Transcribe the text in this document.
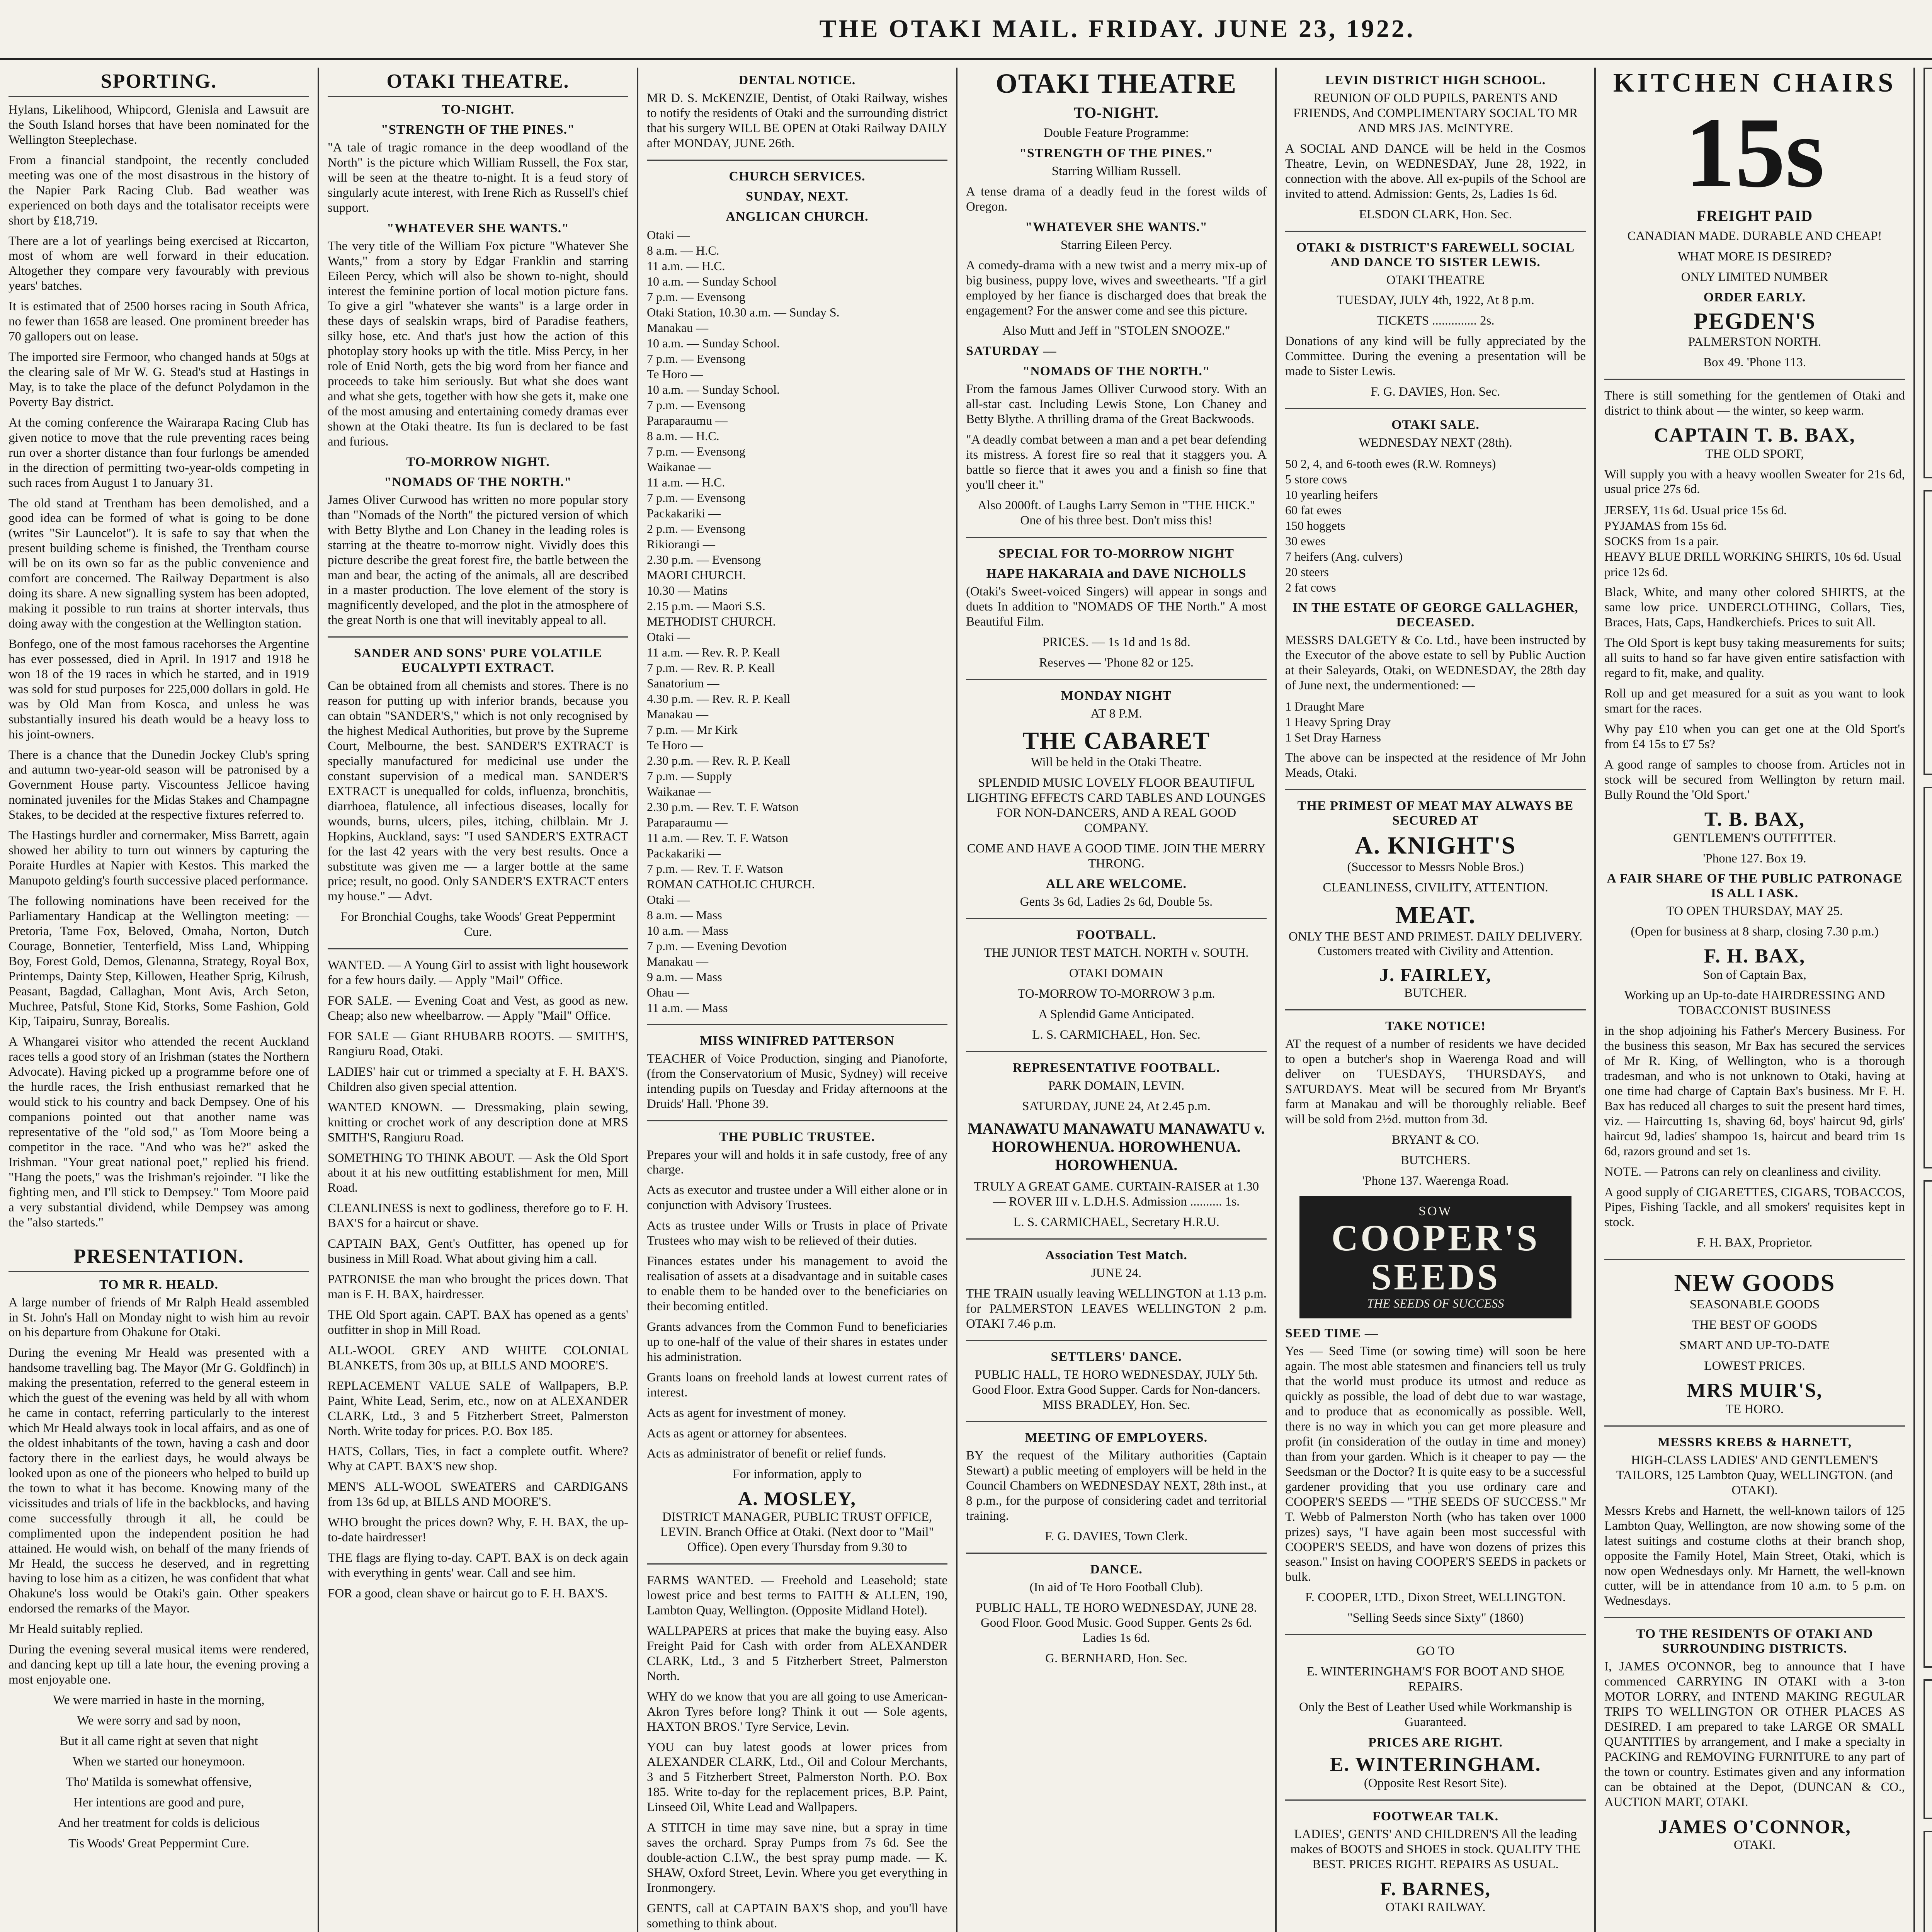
THE OTAKI MAIL. FRIDAY. JUNE 23, 1922.
SPORTING.

Hylans, Likelihood, Whipcord, Glenisla and Lawsuit are the South Island horses that have been nominated for the Wellington Steeplechase.

From a financial standpoint, the recently concluded meeting was one of the most disastrous in the history of the Napier Park Racing Club. Bad weather was experienced on both days and the totalisator receipts were short by £18,719.

There are a lot of yearlings being exercised at Riccarton, most of whom are well forward in their education. Altogether they compare very favourably with previous years' batches.

It is estimated that of 2500 horses racing in South Africa, no fewer than 1658 are leased. One prominent breeder has 70 gallopers out on lease.

The imported sire Fermoor, who changed hands at 50gs at the clearing sale of Mr W. G. Stead's stud at Hastings in May, is to take the place of the defunct Polydamon in the Poverty Bay district.

At the coming conference the Wairarapa Racing Club has given notice to move that the rule preventing races being run over a shorter distance than four furlongs be amended in the direction of permitting two-year-olds competing in such races from August 1 to January 31.

The old stand at Trentham has been demolished, and a good idea can be formed of what is going to be done (writes "Sir Launcelot"). It is safe to say that when the present building scheme is finished, the Trentham course will be on its own so far as the public convenience and comfort are concerned. The Railway Department is also doing its share. A new signalling system has been adopted, making it possible to run trains at shorter intervals, thus doing away with the congestion at the Wellington station.

Bonfego, one of the most famous racehorses the Argentine has ever possessed, died in April. In 1917 and 1918 he won 18 of the 19 races in which he started, and in 1919 was sold for stud purposes for 225,000 dollars in gold. He was by Old Man from Kosca, and unless he was substantially insured his death would be a heavy loss to his joint-owners.

There is a chance that the Dunedin Jockey Club's spring and autumn two-year-old season will be patronised by a Government House party. Viscountess Jellicoe having nominated juveniles for the Midas Stakes and Champagne Stakes, to be decided at the respective fixtures referred to.

The Hastings hurdler and cornermaker, Miss Barrett, again showed her ability to turn out winners by capturing the Poraite Hurdles at Napier with Kestos. This marked the Manupoto gelding's fourth successive placed performance.

The following nominations have been received for the Parliamentary Handicap at the Wellington meeting: — Pretoria, Tame Fox, Beloved, Omaha, Norton, Dutch Courage, Bonnetier, Tenterfield, Miss Land, Whipping Boy, Forest Gold, Demos, Glenanna, Strategy, Royal Box, Printemps, Dainty Step, Killowen, Heather Sprig, Kilrush, Peasant, Bagdad, Callaghan, Mont Avis, Arch Seton, Muchree, Patsful, Stone Kid, Storks, Some Fashion, Gold Kip, Taipairu, Sunray, Borealis.

A Whangarei visitor who attended the recent Auckland races tells a good story of an Irishman (states the Northern Advocate). Having picked up a programme before one of the hurdle races, the Irish enthusiast remarked that he would stick to his country and back Dempsey. One of his companions pointed out that another name was representative of the "old sod," as Tom Moore being a competitor in the race. "And who was he?" asked the Irishman. "Your great national poet," replied his friend. "Hang the poets," was the Irishman's rejoinder. "I like the fighting men, and I'll stick to Dempsey." Tom Moore paid a very substantial dividend, while Dempsey was among the "also starteds."

PRESENTATION.
TO MR R. HEALD.

A large number of friends of Mr Ralph Heald assembled in St. John's Hall on Monday night to wish him au revoir on his departure from Ohakune for Otaki.

During the evening Mr Heald was presented with a handsome travelling bag. The Mayor (Mr G. Goldfinch) in making the presentation, referred to the general esteem in which the guest of the evening was held by all with whom he came in contact, referring particularly to the interest which Mr Heald always took in local affairs, and as one of the oldest inhabitants of the town, having a cash and door factory there in the earliest days, he would always be looked upon as one of the pioneers who helped to build up the town to what it has become. Knowing many of the vicissitudes and trials of life in the backblocks, and having come successfully through it all, he could be complimented upon the independent position he had attained. He would wish, on behalf of the many friends of Mr Heald, the success he deserved, and in regretting having to lose him as a citizen, he was confident that what Ohakune's loss would be Otaki's gain. Other speakers endorsed the remarks of the Mayor.

Mr Heald suitably replied.

During the evening several musical items were rendered, and dancing kept up till a late hour, the evening proving a most enjoyable one.

We were married in haste in the morning,

We were sorry and sad by noon,

But it all came right at seven that night

When we started our honeymoon.

Tho' Matilda is somewhat offensive,

Her intentions are good and pure,

And her treatment for colds is delicious

Tis Woods' Great Peppermint Cure.

OTAKI THEATRE.
TO-NIGHT.
"STRENGTH OF THE PINES."

"A tale of tragic romance in the deep woodland of the North" is the picture which William Russell, the Fox star, will be seen at the theatre to-night. It is a feud story of singularly acute interest, with Irene Rich as Russell's chief support.

"WHATEVER SHE WANTS."

The very title of the William Fox picture "Whatever She Wants," from a story by Edgar Franklin and starring Eileen Percy, which will also be shown to-night, should interest the feminine portion of local motion picture fans. To give a girl "whatever she wants" is a large order in these days of sealskin wraps, bird of Paradise feathers, silky hose, etc. And that's just how the action of this photoplay story hooks up with the title. Miss Percy, in her role of Enid North, gets the big word from her fiance and proceeds to take him seriously. But what she does want and what she gets, together with how she gets it, make one of the most amusing and entertaining comedy dramas ever shown at the Otaki theatre. Its fun is declared to be fast and furious.

TO-MORROW NIGHT.
"NOMADS OF THE NORTH."

James Oliver Curwood has written no more popular story than "Nomads of the North" the pictured version of which with Betty Blythe and Lon Chaney in the leading roles is starring at the theatre to-morrow night. Vividly does this picture describe the great forest fire, the battle between the man and bear, the acting of the animals, all are described in a master production. The love element of the story is magnificently developed, and the plot in the atmosphere of the great North is one that will inevitably appeal to all.

SANDER AND SONS' PURE VOLATILE EUCALYPTI EXTRACT.

Can be obtained from all chemists and stores. There is no reason for putting up with inferior brands, because you can obtain "SANDER'S," which is not only recognised by the highest Medical Authorities, but prove by the Supreme Court, Melbourne, the best. SANDER'S EXTRACT is specially manufactured for medicinal use under the constant supervision of a medical man. SANDER'S EXTRACT is unequalled for colds, influenza, bronchitis, diarrhoea, flatulence, all infectious diseases, locally for wounds, burns, ulcers, piles, itching, chilblain. Mr J. Hopkins, Auckland, says: "I used SANDER'S EXTRACT for the last 42 years with the very best results. Once a substitute was given me — a larger bottle at the same price; result, no good. Only SANDER'S EXTRACT enters my house." — Advt.

For Bronchial Coughs, take Woods' Great Peppermint Cure.

WANTED. — A Young Girl to assist with light housework for a few hours daily. — Apply "Mail" Office.

FOR SALE. — Evening Coat and Vest, as good as new. Cheap; also new wheelbarrow. — Apply "Mail" Office.

FOR SALE — Giant RHUBARB ROOTS. — SMITH'S, Rangiuru Road, Otaki.

LADIES' hair cut or trimmed a specialty at F. H. BAX'S. Children also given special attention.

WANTED KNOWN. — Dressmaking, plain sewing, knitting or crochet work of any description done at MRS SMITH'S, Rangiuru Road.

SOMETHING TO THINK ABOUT. — Ask the Old Sport about it at his new outfitting establishment for men, Mill Road.

CLEANLINESS is next to godliness, therefore go to F. H. BAX'S for a haircut or shave.

CAPTAIN BAX, Gent's Outfitter, has opened up for business in Mill Road. What about giving him a call.

PATRONISE the man who brought the prices down. That man is F. H. BAX, hairdresser.

THE Old Sport again. CAPT. BAX has opened as a gents' outfitter in shop in Mill Road.

ALL-WOOL GREY AND WHITE COLONIAL BLANKETS, from 30s up, at BILLS AND MOORE'S.

REPLACEMENT VALUE SALE of Wallpapers, B.P. Paint, White Lead, Serim, etc., now on at ALEXANDER CLARK, Ltd., 3 and 5 Fitzherbert Street, Palmerston North. Write today for prices. P.O. Box 185.

HATS, Collars, Ties, in fact a complete outfit. Where? Why at CAPT. BAX'S new shop.

MEN'S ALL-WOOL SWEATERS and CARDIGANS from 13s 6d up, at BILLS AND MOORE'S.

WHO brought the prices down? Why, F. H. BAX, the up-to-date hairdresser!

THE flags are flying to-day. CAPT. BAX is on deck again with everything in gents' wear. Call and see him.

FOR a good, clean shave or haircut go to F. H. BAX'S.

DENTAL NOTICE.

MR D. S. McKENZIE, Dentist, of Otaki Railway, wishes to notify the residents of Otaki and the surrounding district that his surgery WILL BE OPEN at Otaki Railway DAILY after MONDAY, JUNE 26th.

CHURCH SERVICES.
SUNDAY, NEXT.
ANGLICAN CHURCH.
Otaki —
8 a.m. — H.C.
11 a.m. — H.C.
10 a.m. — Sunday School
7 p.m. — Evensong
Otaki Station, 10.30 a.m. — Sunday S.
Manakau —
10 a.m. — Sunday School.
7 p.m. — Evensong
Te Horo —
10 a.m. — Sunday School.
7 p.m. — Evensong
Paraparaumu —
8 a.m. — H.C.
7 p.m. — Evensong
Waikanae —
11 a.m. — H.C.
7 p.m. — Evensong
Packakariki —
2 p.m. — Evensong
Rikiorangi —
2.30 p.m. — Evensong
MAORI CHURCH.
10.30 — Matins
2.15 p.m. — Maori S.S.
METHODIST CHURCH.
Otaki —
11 a.m. — Rev. R. P. Keall
7 p.m. — Rev. R. P. Keall
Sanatorium —
4.30 p.m. — Rev. R. P. Keall
Manakau —
7 p.m. — Mr Kirk
Te Horo —
2.30 p.m. — Rev. R. P. Keall
7 p.m. — Supply
Waikanae —
2.30 p.m. — Rev. T. F. Watson
Paraparaumu —
11 a.m. — Rev. T. F. Watson
Packakariki —
7 p.m. — Rev. T. F. Watson
ROMAN CATHOLIC CHURCH.
Otaki —
8 a.m. — Mass
10 a.m. — Mass
7 p.m. — Evening Devotion
Manakau —
9 a.m. — Mass
Ohau —
11 a.m. — Mass
MISS WINIFRED PATTERSON

TEACHER of Voice Production, singing and Pianoforte, (from the Conservatorium of Music, Sydney) will receive intending pupils on Tuesday and Friday afternoons at the Druids' Hall. 'Phone 39.

THE PUBLIC TRUSTEE.

Prepares your will and holds it in safe custody, free of any charge.

Acts as executor and trustee under a Will either alone or in conjunction with Advisory Trustees.

Acts as trustee under Wills or Trusts in place of Private Trustees who may wish to be relieved of their duties.

Finances estates under his management to avoid the realisation of assets at a disadvantage and in suitable cases to enable them to be handed over to the beneficiaries on their becoming entitled.

Grants advances from the Common Fund to beneficiaries up to one-half of the value of their shares in estates under his administration.

Grants loans on freehold lands at lowest current rates of interest.

Acts as agent for investment of money.

Acts as agent or attorney for absentees.

Acts as administrator of benefit or relief funds.

For information, apply to

A. MOSLEY,

DISTRICT MANAGER, PUBLIC TRUST OFFICE, LEVIN. Branch Office at Otaki. (Next door to "Mail" Office). Open every Thursday from 9.30 to

FARMS WANTED. — Freehold and Leasehold; state lowest price and best terms to FAITH & ALLEN, 190, Lambton Quay, Wellington. (Opposite Midland Hotel).

WALLPAPERS at prices that make the buying easy. Also Freight Paid for Cash with order from ALEXANDER CLARK, Ltd., 3 and 5 Fitzherbert Street, Palmerston North.

WHY do we know that you are all going to use American-Akron Tyres before long? Think it out — Sole agents, HAXTON BROS.' Tyre Service, Levin.

YOU can buy latest goods at lower prices from ALEXANDER CLARK, Ltd., Oil and Colour Merchants, 3 and 5 Fitzherbert Street, Palmerston North. P.O. Box 185. Write to-day for the replacement prices, B.P. Paint, Linseed Oil, White Lead and Wallpapers.

A STITCH in time may save nine, but a spray in time saves the orchard. Spray Pumps from 7s 6d. See the double-action C.I.W., the best spray pump made. — K. SHAW, Oxford Street, Levin. Where you get everything in Ironmongery.

GENTS, call at CAPTAIN BAX'S shop, and you'll have something to think about.

OTAKI THEATRE
TO-NIGHT.

Double Feature Programme:

"STRENGTH OF THE PINES."

Starring William Russell.

A tense drama of a deadly feud in the forest wilds of Oregon.

"WHATEVER SHE WANTS."

Starring Eileen Percy.

A comedy-drama with a new twist and a merry mix-up of big business, puppy love, wives and sweethearts. "If a girl employed by her fiance is discharged does that break the engagement? For the answer come and see this picture.

Also Mutt and Jeff in "STOLEN SNOOZE."

SATURDAY —
"NOMADS OF THE NORTH."

From the famous James Olliver Curwood story. With an all-star cast. Including Lewis Stone, Lon Chaney and Betty Blythe. A thrilling drama of the Great Backwoods.

"A deadly combat between a man and a pet bear defending its mistress. A forest fire so real that it staggers you. A battle so fierce that it awes you and a finish so fine that you'll cheer it."

Also 2000ft. of Laughs Larry Semon in "THE HICK." One of his three best. Don't miss this!

SPECIAL FOR TO-MORROW NIGHT
HAPE HAKARAIA and DAVE NICHOLLS

(Otaki's Sweet-voiced Singers) will appear in songs and duets In addition to "NOMADS OF THE North." A most Beautiful Film.

PRICES. — 1s 1d and 1s 8d.

Reserves — 'Phone 82 or 125.

MONDAY NIGHT

AT 8 P.M.

THE CABARET

Will be held in the Otaki Theatre.

SPLENDID MUSIC LOVELY FLOOR BEAUTIFUL LIGHTING EFFECTS CARD TABLES AND LOUNGES FOR NON-DANCERS, AND A REAL GOOD COMPANY.

COME AND HAVE A GOOD TIME. JOIN THE MERRY THRONG.

ALL ARE WELCOME.

Gents 3s 6d, Ladies 2s 6d, Double 5s.

FOOTBALL.

THE JUNIOR TEST MATCH. NORTH v. SOUTH.

OTAKI DOMAIN

TO-MORROW TO-MORROW 3 p.m.

A Splendid Game Anticipated.

L. S. CARMICHAEL, Hon. Sec.

REPRESENTATIVE FOOTBALL.

PARK DOMAIN, LEVIN.

SATURDAY, JUNE 24, At 2.45 p.m.

MANAWATU MANAWATU MANAWATU v. HOROWHENUA. HOROWHENUA. HOROWHENUA.

TRULY A GREAT GAME. CURTAIN-RAISER at 1.30 — ROVER III v. L.D.H.S. Admission .......... 1s.

L. S. CARMICHAEL, Secretary H.R.U.

Association Test Match.

JUNE 24.

THE TRAIN usually leaving WELLINGTON at 1.13 p.m. for PALMERSTON LEAVES WELLINGTON 2 p.m. OTAKI 7.46 p.m.

SETTLERS' DANCE.

PUBLIC HALL, TE HORO WEDNESDAY, JULY 5th. Good Floor. Extra Good Supper. Cards for Non-dancers. MISS BRADLEY, Hon. Sec.

MEETING OF EMPLOYERS.

BY the request of the Military authorities (Captain Stewart) a public meeting of employers will be held in the Council Chambers on WEDNESDAY NEXT, 28th inst., at 8 p.m., for the purpose of considering cadet and territorial training.

F. G. DAVIES, Town Clerk.

DANCE.

(In aid of Te Horo Football Club).

PUBLIC HALL, TE HORO WEDNESDAY, JUNE 28. Good Floor. Good Music. Good Supper. Gents 2s 6d. Ladies 1s 6d.

G. BERNHARD, Hon. Sec.

LEVIN DISTRICT HIGH SCHOOL.

REUNION OF OLD PUPILS, PARENTS AND FRIENDS, And COMPLIMENTARY SOCIAL TO MR AND MRS JAS. McINTYRE.

A SOCIAL AND DANCE will be held in the Cosmos Theatre, Levin, on WEDNESDAY, June 28, 1922, in connection with the above. All ex-pupils of the School are invited to attend. Admission: Gents, 2s, Ladies 1s 6d.

ELSDON CLARK, Hon. Sec.

OTAKI & DISTRICT'S FAREWELL SOCIAL AND DANCE TO SISTER LEWIS.

OTAKI THEATRE

TUESDAY, JULY 4th, 1922, At 8 p.m.

TICKETS .............. 2s.

Donations of any kind will be fully appreciated by the Committee. During the evening a presentation will be made to Sister Lewis.

F. G. DAVIES, Hon. Sec.

OTAKI SALE.

WEDNESDAY NEXT (28th).

50 2, 4, and 6-tooth ewes (R.W. Romneys)
5 store cows
10 yearling heifers
60 fat ewes
150 hoggets
30 ewes
7 heifers (Ang. culvers)
20 steers
2 fat cows
IN THE ESTATE OF GEORGE GALLAGHER, DECEASED.

MESSRS DALGETY & Co. Ltd., have been instructed by the Executor of the above estate to sell by Public Auction at their Saleyards, Otaki, on WEDNESDAY, the 28th day of June next, the undermentioned: —

1 Draught Mare
1 Heavy Spring Dray
1 Set Dray Harness

The above can be inspected at the residence of Mr John Meads, Otaki.

THE PRIMEST OF MEAT MAY ALWAYS BE SECURED AT
A. KNIGHT'S

(Successor to Messrs Noble Bros.)

CLEANLINESS, CIVILITY, ATTENTION.

MEAT.

ONLY THE BEST AND PRIMEST. DAILY DELIVERY. Customers treated with Civility and Attention.

J. FAIRLEY,

BUTCHER.

TAKE NOTICE!

AT the request of a number of residents we have decided to open a butcher's shop in Waerenga Road and will deliver on TUESDAYS, THURSDAYS, and SATURDAYS. Meat will be secured from Mr Bryant's farm at Manakau and will be thoroughly reliable. Beef will be sold from 2½d. mutton from 3d.

BRYANT & CO.

BUTCHERS.

'Phone 137. Waerenga Road.

SOW
COOPER'S SEEDS
THE SEEDS OF SUCCESS
SEED TIME —

Yes — Seed Time (or sowing time) will soon be here again. The most able statesmen and financiers tell us truly that the world must produce its utmost and reduce as quickly as possible, the load of debt due to war wastage, and to produce that as economically as possible. Well, there is no way in which you can get more pleasure and profit (in consideration of the outlay in time and money) than from your garden. Which is it cheaper to pay — the Seedsman or the Doctor? It is quite easy to be a successful gardener providing that you use ordinary care and COOPER'S SEEDS — "THE SEEDS OF SUCCESS." Mr T. Webb of Palmerston North (who has taken over 1000 prizes) says, "I have again been most successful with COOPER'S SEEDS, and have won dozens of prizes this season." Insist on having COOPER'S SEEDS in packets or bulk.

F. COOPER, LTD., Dixon Street, WELLINGTON.

"Selling Seeds since Sixty" (1860)

GO TO

E. WINTERINGHAM'S FOR BOOT AND SHOE REPAIRS.

Only the Best of Leather Used while Workmanship is Guaranteed.

PRICES ARE RIGHT.
E. WINTERINGHAM.

(Opposite Rest Resort Site).

FOOTWEAR TALK.

LADIES', GENTS' AND CHILDREN'S All the leading makes of BOOTS and SHOES in stock. QUALITY THE BEST. PRICES RIGHT. REPAIRS AS USUAL.

F. BARNES,

OTAKI RAILWAY.

KITCHEN CHAIRS
15s
FREIGHT PAID

CANADIAN MADE. DURABLE AND CHEAP!

WHAT MORE IS DESIRED?

ONLY LIMITED NUMBER

ORDER EARLY.
PEGDEN'S

PALMERSTON NORTH.

Box 49. 'Phone 113.

There is still something for the gentlemen of Otaki and district to think about — the winter, so keep warm.

CAPTAIN T. B. BAX,

THE OLD SPORT,

Will supply you with a heavy woollen Sweater for 21s 6d, usual price 27s 6d.

JERSEY, 11s 6d. Usual price 15s 6d.
PYJAMAS from 15s 6d.
SOCKS from 1s a pair.
HEAVY BLUE DRILL WORKING SHIRTS, 10s 6d. Usual price 12s 6d.

Black, White, and many other colored SHIRTS, at the same low price. UNDERCLOTHING, Collars, Ties, Braces, Hats, Caps, Handkerchiefs. Prices to suit All.

The Old Sport is kept busy taking measurements for suits; all suits to hand so far have given entire satisfaction with regard to fit, make, and quality.

Roll up and get measured for a suit as you want to look smart for the races.

Why pay £10 when you can get one at the Old Sport's from £4 15s to £7 5s?

A good range of samples to choose from. Articles not in stock will be secured from Wellington by return mail. Bully Round the 'Old Sport.'

T. B. BAX,

GENTLEMEN'S OUTFITTER.

'Phone 127. Box 19.

A FAIR SHARE OF THE PUBLIC PATRONAGE IS ALL I ASK.

TO OPEN THURSDAY, MAY 25.

(Open for business at 8 sharp, closing 7.30 p.m.)

F. H. BAX,

Son of Captain Bax,

Working up an Up-to-date HAIRDRESSING AND TOBACCONIST BUSINESS

in the shop adjoining his Father's Mercery Business. For the business this season, Mr Bax has secured the services of Mr R. King, of Wellington, who is a thorough tradesman, and who is not unknown to Otaki, having at one time had charge of Captain Bax's business. Mr F. H. Bax has reduced all charges to suit the present hard times, viz. — Haircutting 1s, shaving 6d, boys' haircut 9d, girls' haircut 9d, ladies' shampoo 1s, haircut and beard trim 1s 6d, razors ground and set 1s.

NOTE. — Patrons can rely on cleanliness and civility.

A good supply of CIGARETTES, CIGARS, TOBACCOS, Pipes, Fishing Tackle, and all smokers' requisites kept in stock.

F. H. BAX, Proprietor.

NEW GOODS

SEASONABLE GOODS

THE BEST OF GOODS

SMART AND UP-TO-DATE

LOWEST PRICES.

MRS MUIR'S,

TE HORO.

MESSRS KREBS & HARNETT,

HIGH-CLASS LADIES' AND GENTLEMEN'S TAILORS, 125 Lambton Quay, WELLINGTON. (and OTAKI).

Messrs Krebs and Harnett, the well-known tailors of 125 Lambton Quay, Wellington, are now showing some of the latest suitings and costume cloths at their branch shop, opposite the Family Hotel, Main Street, Otaki, which is now open Wednesdays only. Mr Harnett, the well-known cutter, will be in attendance from 10 a.m. to 5 p.m. on Wednesdays.

TO THE RESIDENTS OF OTAKI AND SURROUNDING DISTRICTS.

I, JAMES O'CONNOR, beg to announce that I have commenced CARRYING IN OTAKI with a 3-ton MOTOR LORRY, and INTEND MAKING REGULAR TRIPS TO WELLINGTON OR OTHER PLACES AS DESIRED. I am prepared to take LARGE OR SMALL QUANTITIES by arrangement, and I make a specialty in PACKING and REMOVING FURNITURE to any part of the town or country. Estimates given and any information can be obtained at the Depot, (DUNCAN & CO., AUCTION MART, OTAKI.

JAMES O'CONNOR,

OTAKI.
